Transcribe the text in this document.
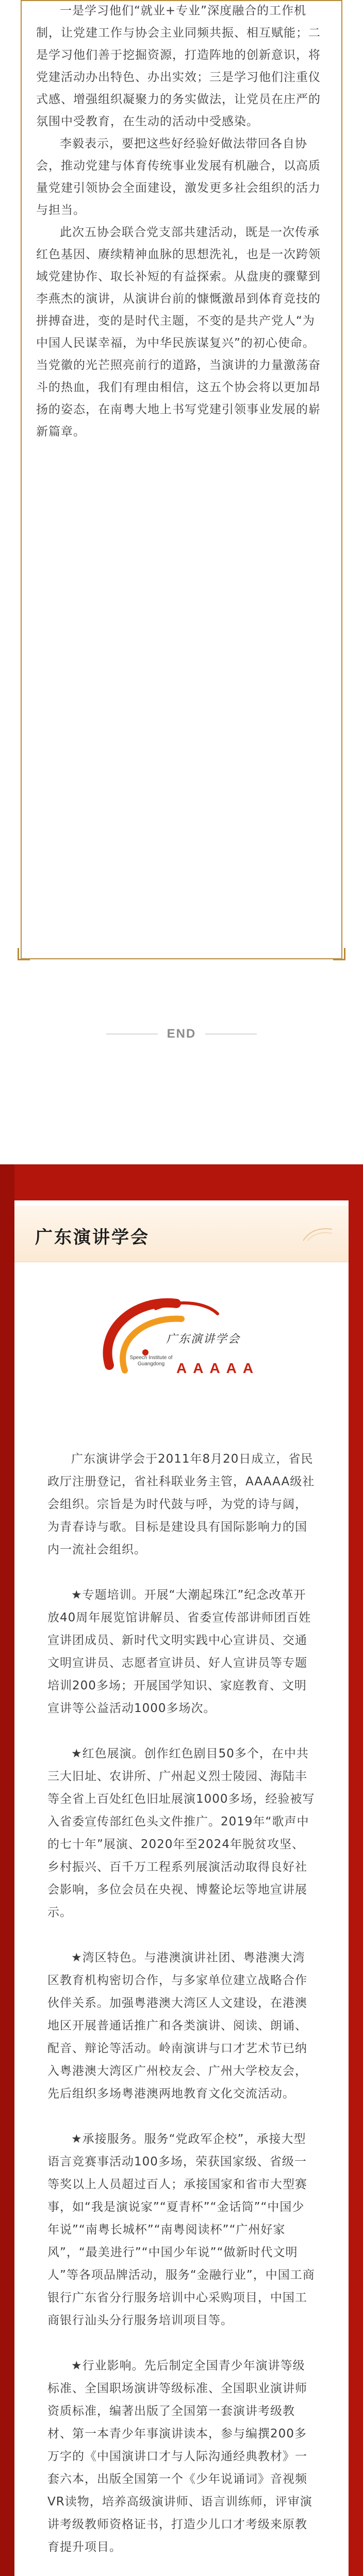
一是学习他们“就业+专业”深度融合的工作机制，让党建工作与协会主业同频共振、相互赋能；二是学习他们善于挖掘资源，打造阵地的创新意识，将党建活动办出特色、办出实效；三是学习他们注重仪式感、增强组织凝聚力的务实做法，让党员在庄严的氛围中受教育，在生动的活动中受感染。

李毅表示，要把这些好经验好做法带回各自协会，推动党建与体育传统事业发展有机融合，以高质量党建引领协会全面建设，激发更多社会组织的活力与担当。

此次五协会联合党支部共建活动，既是一次传承红色基因、赓续精神血脉的思想洗礼，也是一次跨领域党建协作、取长补短的有益探索。从盘庚的骤鼙到李燕杰的演讲，从演讲台前的慷慨激昂到体育竞技的拼搏奋进，变的是时代主题，不变的是共产党人“为中国人民谋幸福，为中华民族谋复兴”的初心使命。当党徽的光芒照亮前行的道路，当演讲的力量激荡奋斗的热血，我们有理由相信，这五个协会将以更加昂扬的姿态，在南粤大地上书写党建引领事业发展的崭新篇章。

END
广东演讲学会
广东演讲学会
Speech Institute of Guangdong AAAAA

广东演讲学会于2011年8月20日成立，省民政厅注册登记，省社科联业务主管，AAAAA级社会组织。宗旨是为时代鼓与呼，为党的诗与阔，为青春诗与歌。目标是建设具有国际影响力的国内一流社会组织。

★专题培训。开展“大潮起珠江”纪念改革开放40周年展览馆讲解员、省委宣传部讲师团百姓宣讲团成员、新时代文明实践中心宣讲员、交通文明宣讲员、志愿者宣讲员、好人宣讲员等专题培训200多场；开展国学知识、家庭教育、文明宣讲等公益活动1000多场次。

★红色展演。创作红色剧目50多个，在中共三大旧址、农讲所、广州起义烈士陵园、海陆丰等全省上百处红色旧址展演1000多场，经验被写入省委宣传部红色头文件推广。2019年“歌声中的七十年”展演、2020年至2024年脱贫攻坚、乡村振兴、百千万工程系列展演活动取得良好社会影响，多位会员在央视、博鳌论坛等地宣讲展示。

★湾区特色。与港澳演讲社团、粤港澳大湾区教育机构密切合作，与多家单位建立战略合作伙伴关系。加强粤港澳大湾区人文建设，在港澳地区开展普通话推广和各类演讲、阅读、朗诵、配音、辩论等活动。岭南演讲与口才艺术节已纳入粤港澳大湾区广州校友会、广州大学校友会，先后组织多场粤港澳两地教育文化交流活动。

★承接服务。服务“党政军企校”，承接大型语言竞赛事活动100多场，荣获国家级、省级一等奖以上人员超过百人；承接国家和省市大型赛事，如“我是演说家”“夏青杯”“金话筒”“中国少年说”“南粤长城杯”“南粤阅读杯”“广州好家风”，“最美进行”“中国少年说”“做新时代文明人”等各项品牌活动，服务“金融行业”，中国工商银行广东省分行服务培训中心采购项目，中国工商银行汕头分行服务培训项目等。

★行业影响。先后制定全国青少年演讲等级标准、全国职场演讲等级标准、全国职业演讲师资质标准，编著出版了全国第一套演讲考级教材、第一本青少年事演讲读本，参与编撰200多万字的《中国演讲口才与人际沟通经典教材》一套六本，出版全国第一个《少年说诵词》音视频VR读物，培养高级演讲师、语言训练师，评审演讲考级教师资格证书，打造少儿口才考级来原教育提升项目。
